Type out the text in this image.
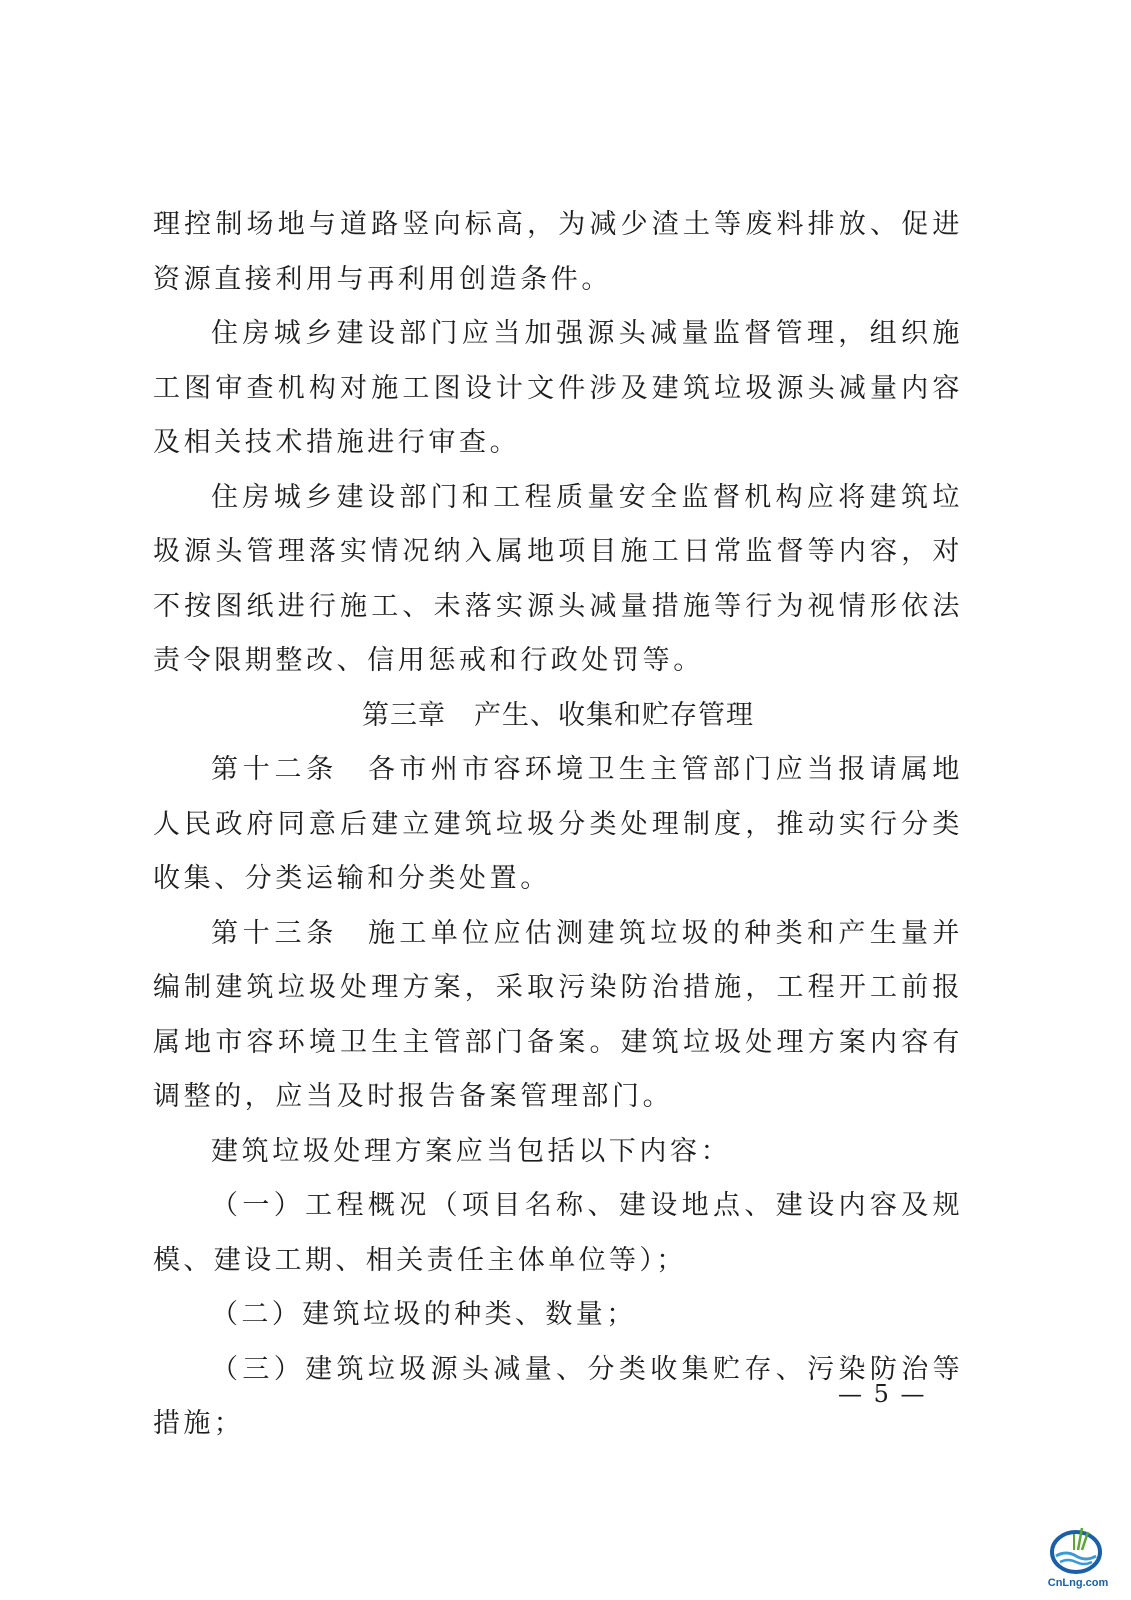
理控制场地与道路竖向标高，为减少渣土等废料排放、促进资源直接利用与再利用创造条件。

住房城乡建设部门应当加强源头减量监督管理，组织施工图审查机构对施工图设计文件涉及建筑垃圾源头减量内容及相关技术措施进行审查。

住房城乡建设部门和工程质量安全监督机构应将建筑垃圾源头管理落实情况纳入属地项目施工日常监督等内容，对不按图纸进行施工、未落实源头减量措施等行为视情形依法责令限期整改、信用惩戒和行政处罚等。

第三章　产生、收集和贮存管理

第十二条 各市州市容环境卫生主管部门应当报请属地人民政府同意后建立建筑垃圾分类处理制度，推动实行分类收集、分类运输和分类处置。

第十三条 施工单位应估测建筑垃圾的种类和产生量并编制建筑垃圾处理方案，采取污染防治措施，工程开工前报属地市容环境卫生主管部门备案。建筑垃圾处理方案内容有调整的，应当及时报告备案管理部门。

建筑垃圾处理方案应当包括以下内容：

（一）工程概况（项目名称、建设地点、建设内容及规模、建设工期、相关责任主体单位等）；

（二）建筑垃圾的种类、数量；

（三）建筑垃圾源头减量、分类收集贮存、污染防治等措施；

— 5 —
CnLng.com
